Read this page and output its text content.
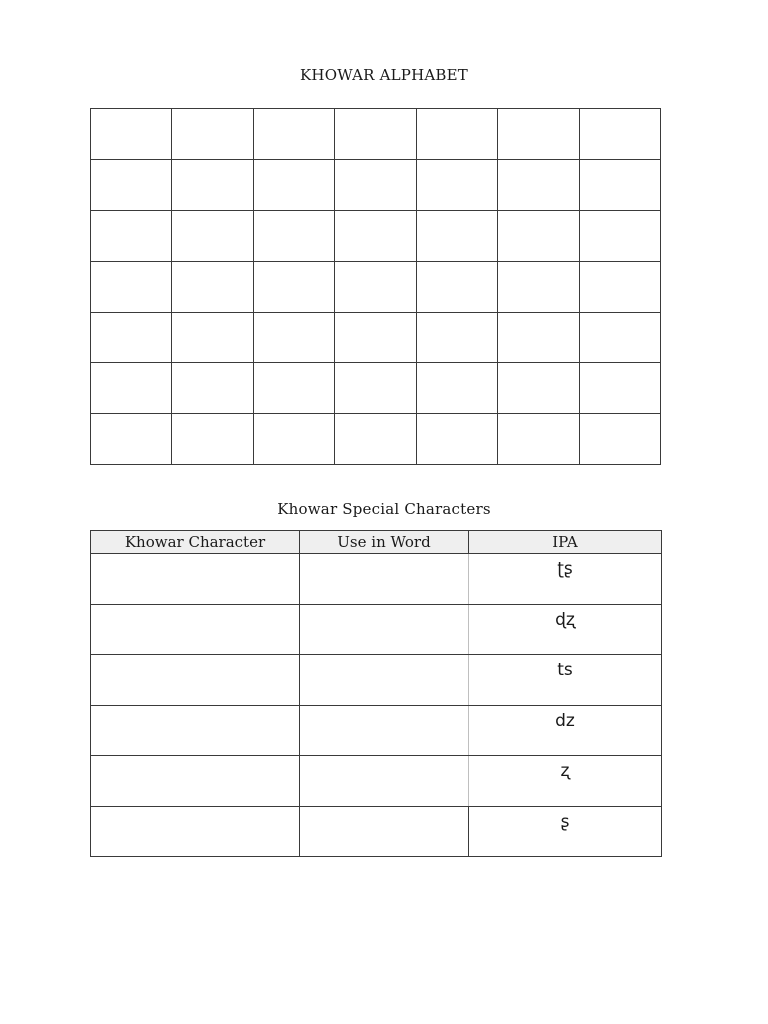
KHOWAR ALPHABET

Khowar Special Characters
Khowar Character	Use in Word	IPA
		ʈʂ
		ɖʐ
		ts
		dz
		ʐ
		ʂ
